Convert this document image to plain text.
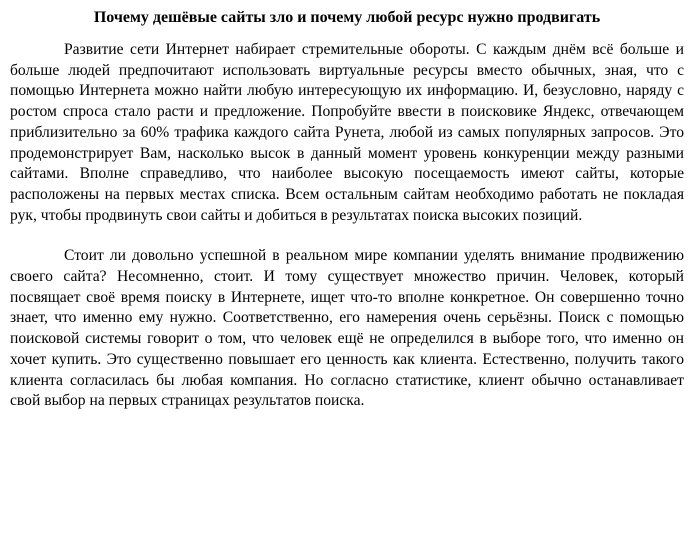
Почему дешёвые сайты зло и почему любой ресурс нужно продвигать

Развитие сети Интернет набирает стремительные обороты. С каждым днём всё больше и больше людей предпочитают использовать виртуальные ресурсы вместо обычных, зная, что с помощью Интернета можно найти любую интересующую их информацию. И, безусловно, наряду с ростом спроса стало расти и предложение. Попробуйте ввести в поисковике Яндекс, отвечающем приблизительно за 60% трафика каждого сайта Рунета, любой из самых популярных запросов. Это продемонстрирует Вам, насколько высок в данный момент уровень конкуренции между разными сайтами. Вполне справедливо, что наиболее высокую посещаемость имеют сайты, которые расположены на первых местах списка. Всем остальным сайтам необходимо работать не покладая рук, чтобы продвинуть свои сайты и добиться в результатах поиска высоких позиций.

Стоит ли довольно успешной в реальном мире компании уделять внимание продвижению своего сайта? Несомненно, стоит. И тому существует множество причин. Человек, который посвящает своё время поиску в Интернете, ищет что-то вполне конкретное. Он совершенно точно знает, что именно ему нужно. Соответственно, его намерения очень серьёзны. Поиск с помощью поисковой системы говорит о том, что человек ещё не определился в выборе того, что именно он хочет купить. Это существенно повышает его ценность как клиента. Естественно, получить такого клиента согласилась бы любая компания. Но согласно статистике, клиент обычно останавливает свой выбор на первых страницах результатов поиска.
